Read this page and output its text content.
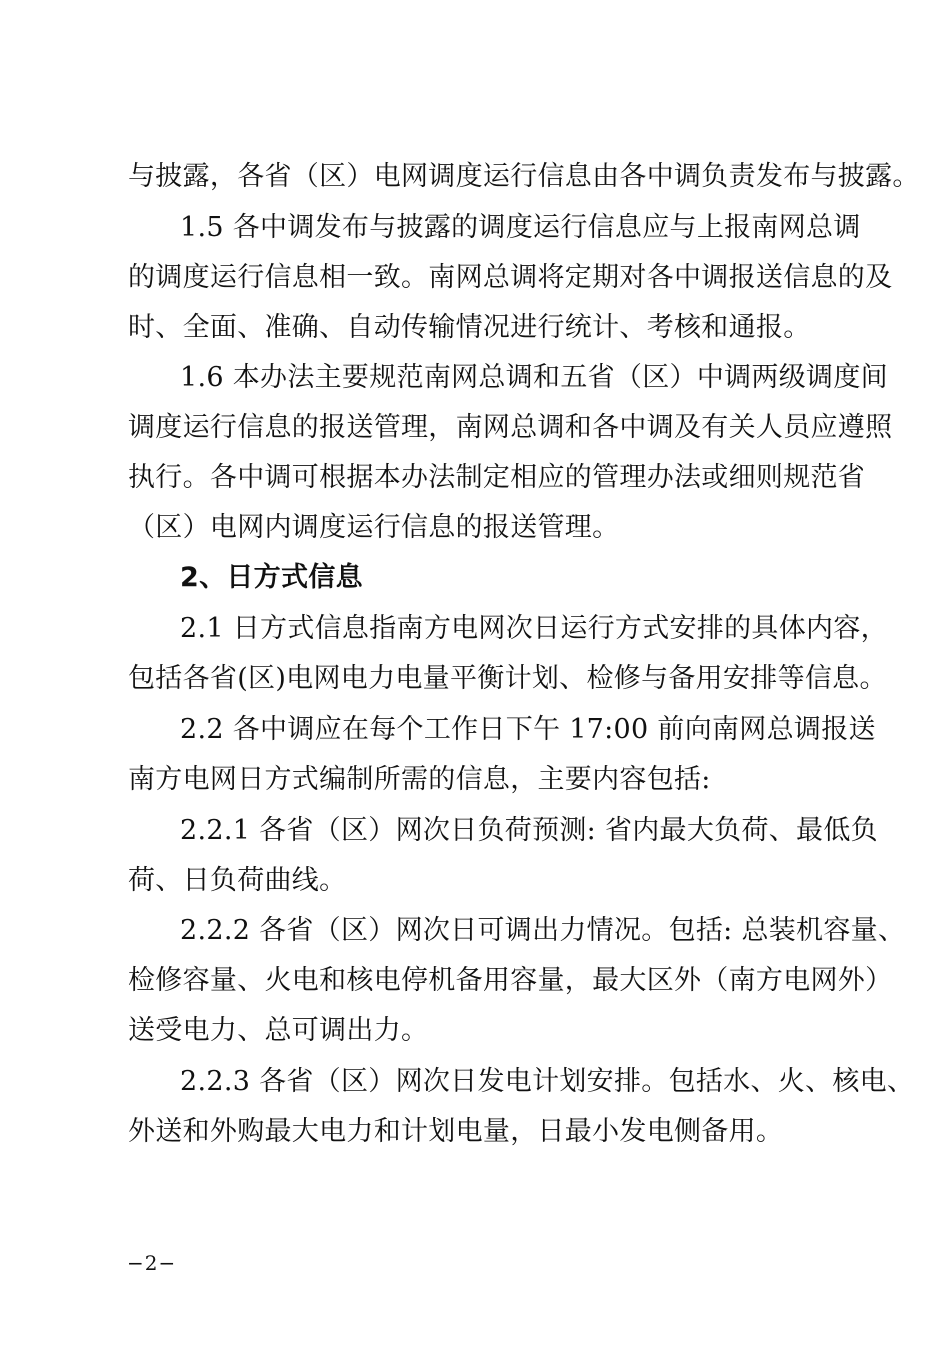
与披露，各省（区）电网调度运行信息由各中调负责发布与披露。
1.5 各中调发布与披露的调度运行信息应与上报南网总调
的调度运行信息相一致。南网总调将定期对各中调报送信息的及
时、全面、准确、自动传输情况进行统计、考核和通报。
1.6 本办法主要规范南网总调和五省（区）中调两级调度间
调度运行信息的报送管理，南网总调和各中调及有关人员应遵照
执行。各中调可根据本办法制定相应的管理办法或细则规范省
（区）电网内调度运行信息的报送管理。
2、日方式信息
2.1 日方式信息指南方电网次日运行方式安排的具体内容，
包括各省(区)电网电力电量平衡计划、检修与备用安排等信息。
2.2 各中调应在每个工作日下午 17:00 前向南网总调报送
南方电网日方式编制所需的信息，主要内容包括:
2.2.1 各省（区）网次日负荷预测: 省内最大负荷、最低负
荷、日负荷曲线。
2.2.2 各省（区）网次日可调出力情况。包括: 总装机容量、
检修容量、火电和核电停机备用容量，最大区外（南方电网外）
送受电力、总可调出力。
2.2.3 各省（区）网次日发电计划安排。包括水、火、核电、
外送和外购最大电力和计划电量，日最小发电侧备用。
−2−
